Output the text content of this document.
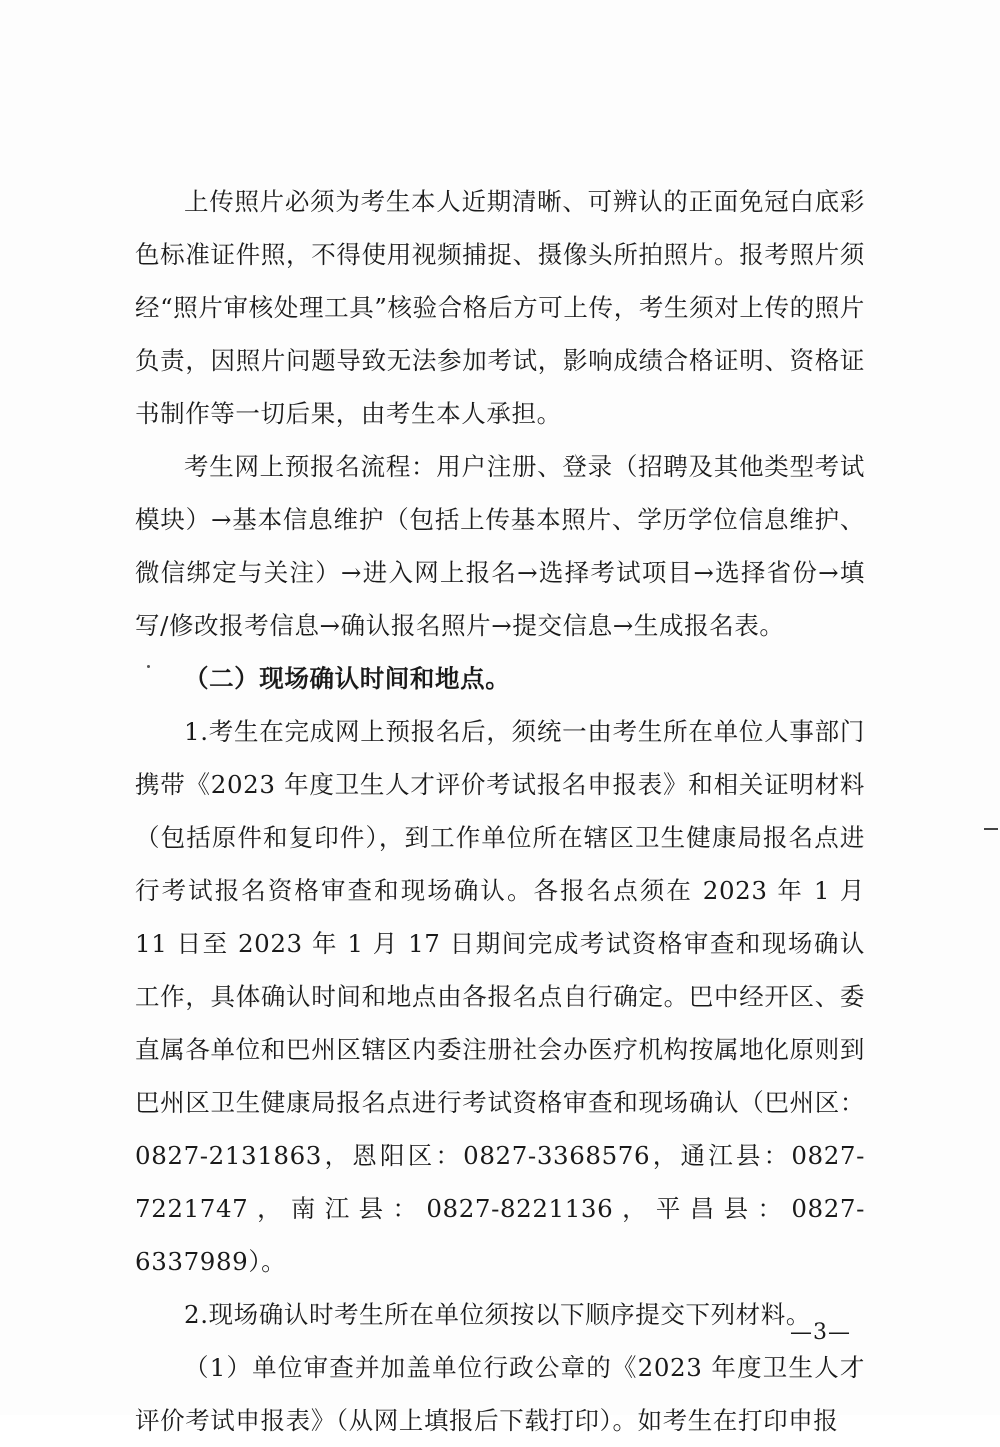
上传照片必须为考生本人近期清晰、可辨认的正面免冠白底彩色标准证件照，不得使用视频捕捉、摄像头所拍照片。报考照片须经“照片审核处理工具”核验合格后方可上传，考生须对上传的照片负责，因照片问题导致无法参加考试，影响成绩合格证明、资格证书制作等一切后果，由考生本人承担。

考生网上预报名流程：用户注册、登录（招聘及其他类型考试模块）→基本信息维护（包括上传基本照片、学历学位信息维护、微信绑定与关注）→进入网上报名→选择考试项目→选择省份→填写/修改报考信息→确认报名照片→提交信息→生成报名表。

（二）现场确认时间和地点。

1.考生在完成网上预报名后，须统一由考生所在单位人事部门携带《2023 年度卫生人才评价考试报名申报表》和相关证明材料（包括原件和复印件），到工作单位所在辖区卫生健康局报名点进行考试报名资格审查和现场确认。各报名点须在 2023 年 1 月 11 日至 2023 年 1 月 17 日期间完成考试资格审查和现场确认工作，具体确认时间和地点由各报名点自行确定。巴中经开区、委直属各单位和巴州区辖区内委注册社会办医疗机构按属地化原则到巴州区卫生健康局报名点进行考试资格审查和现场确认（巴州区：0827-2131863，恩阳区：0827-3368576，通江县：0827-7221747，南江县：0827-8221136，平昌县：0827-6337989）。

2.现场确认时考生所在单位须按以下顺序提交下列材料。

（1）单位审查并加盖单位行政公章的《2023 年度卫生人才评价考试申报表》（从网上填报后下载打印）。如考生在打印申报

—3—
